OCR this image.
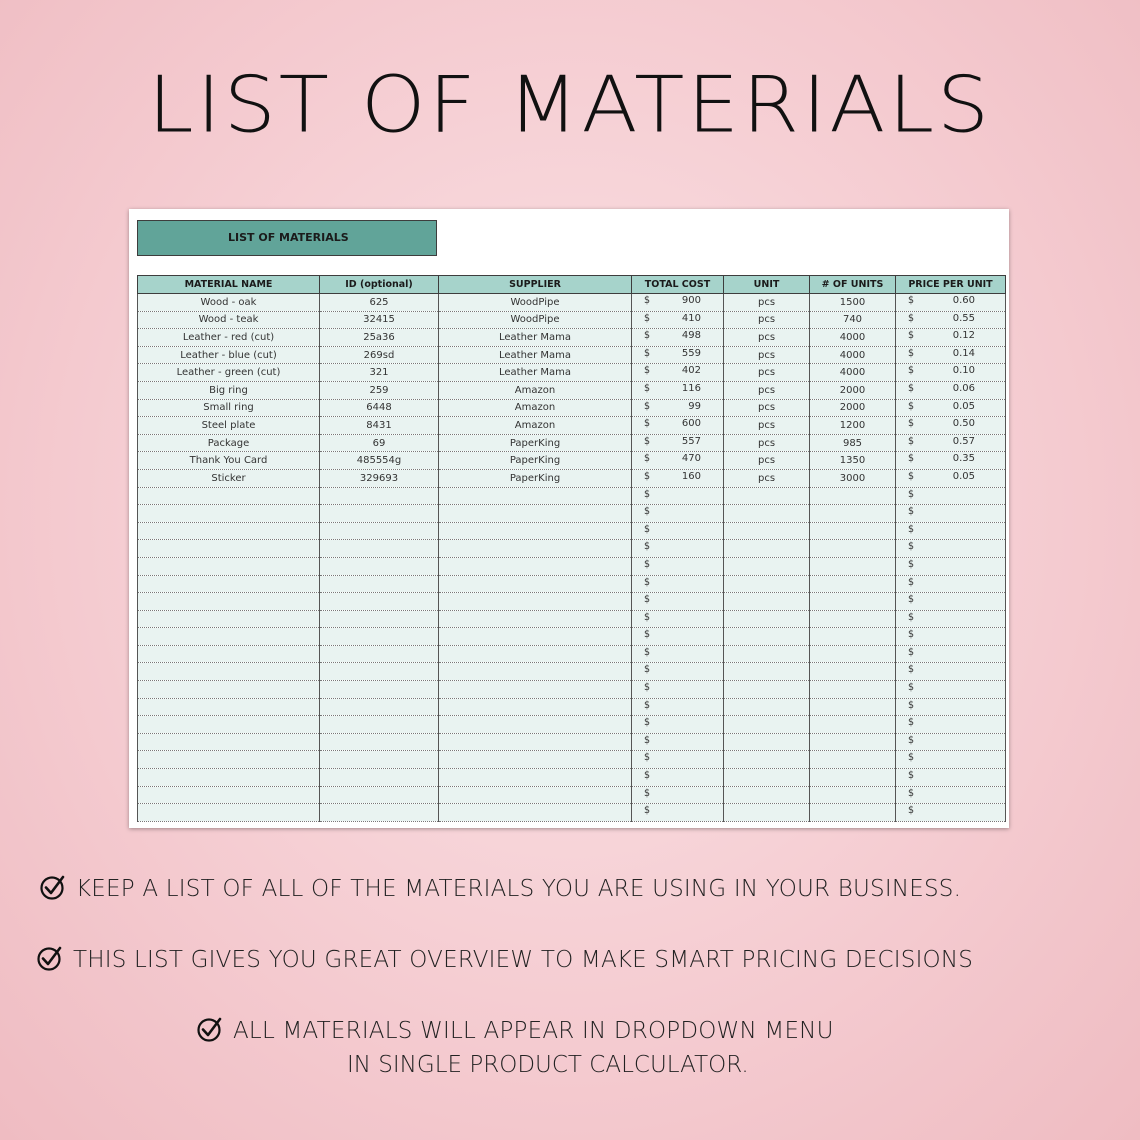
LIST OF MATERIALS
LIST OF MATERIALS
MATERIAL NAME	ID (optional)	SUPPLIER	TOTAL COST	UNIT	# OF UNITS	PRICE PER UNIT
Wood - oak	625	WoodPipe	$ 900	pcs	1500	$ 0.60

Wood - teak	32415	WoodPipe	$ 410	pcs	740	$ 0.55

Leather - red (cut)	25a36	Leather Mama	$ 498	pcs	4000	$ 0.12

Leather - blue (cut)	269sd	Leather Mama	$ 559	pcs	4000	$ 0.14

Leather - green (cut)	321	Leather Mama	$ 402	pcs	4000	$ 0.10

Big ring	259	Amazon	$ 116	pcs	2000	$ 0.06

Small ring	6448	Amazon	$ 99	pcs	2000	$ 0.05

Steel plate	8431	Amazon	$ 600	pcs	1200	$ 0.50

Package	69	PaperKing	$ 557	pcs	985	$ 0.57

Thank You Card	485554g	PaperKing	$ 470	pcs	1350	$ 0.35

Sticker	329693	PaperKing	$ 160	pcs	3000	$ 0.05

			$			$

			$			$

			$			$

			$			$

			$			$

			$			$

			$			$

			$			$

			$			$

			$			$

			$			$

			$			$

			$			$

			$			$

			$			$

			$			$

			$			$

			$			$

			$			$
KEEP A LIST OF ALL OF THE MATERIALS YOU ARE USING IN YOUR BUSINESS.
THIS LIST GIVES YOU GREAT OVERVIEW TO MAKE SMART PRICING DECISIONS
ALL MATERIALS WILL APPEAR IN DROPDOWN MENU
IN SINGLE PRODUCT CALCULATOR.
